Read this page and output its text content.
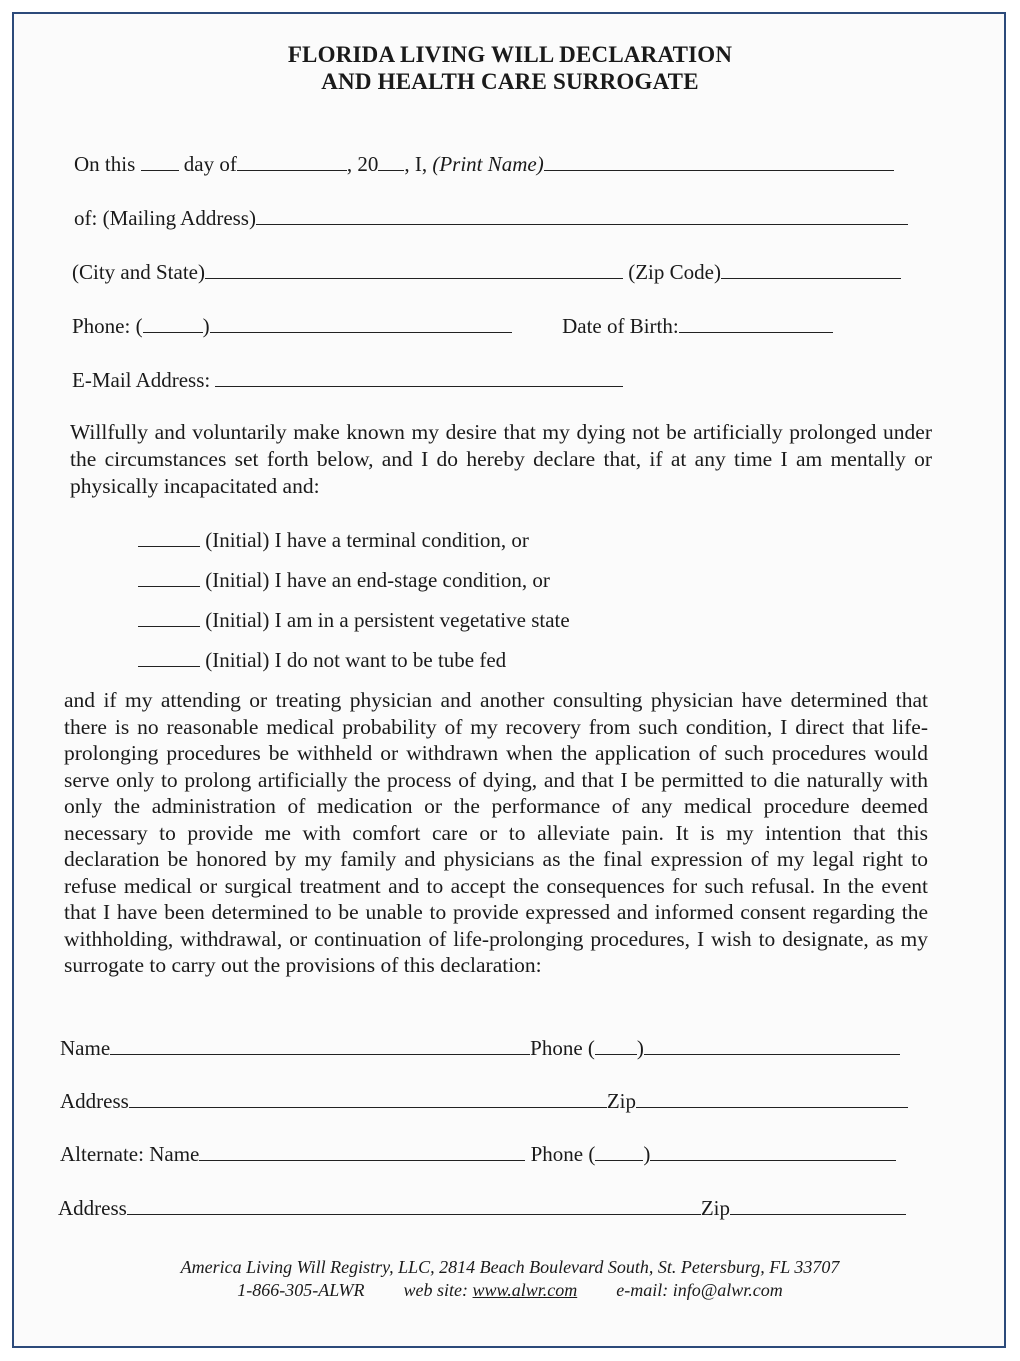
FLORIDA LIVING WILL DECLARATION
AND HEALTH CARE SURROGATE
On this day of	, 20 , I, (Print Name)
of: (Mailing Address)
(City and State)	(Zip Code)
Phone: (	)	Date of Birth:
E-Mail Address:
Willfully and voluntarily make known my desire that my dying not be artificially prolonged under the circumstances set forth below, and I do hereby declare that, if at any time I am mentally or physically incapacitated and:
(Initial) I have a terminal condition, or
(Initial) I have an end-stage condition, or
(Initial) I am in a persistent vegetative state
(Initial) I do not want to be tube fed
and if my attending or treating physician and another consulting physician have determined that there is no reasonable medical probability of my recovery from such condition, I direct that life-prolonging procedures be withheld or withdrawn when the application of such procedures would serve only to prolong artificially the process of dying, and that I be permitted to die naturally with only the administration of medication or the performance of any medical procedure deemed necessary to provide me with comfort care or to alleviate pain. It is my intention that this declaration be honored by my family and physicians as the final expression of my legal right to refuse medical or surgical treatment and to accept the consequences for such refusal. In the event that I have been determined to be unable to provide expressed and informed consent regarding the withholding, withdrawal, or continuation of life-prolonging procedures, I wish to designate, as my surrogate to carry out the provisions of this declaration:
Name	Phone ( )
Address	Zip
Alternate: Name	Phone ( )
Address	Zip
America Living Will Registry, LLC, 2814 Beach Boulevard South, St. Petersburg, FL 33707
1-866-305-ALWR web site: www.alwr.com e-mail: info@alwr.com
